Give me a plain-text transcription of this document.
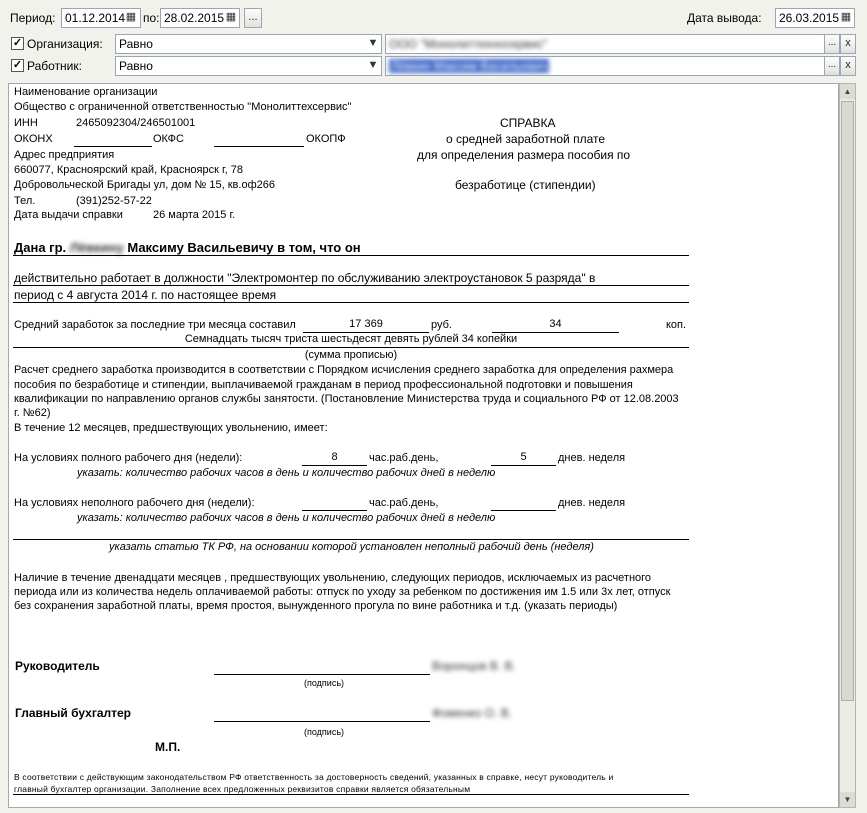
Период: 01.12.2014 ▦ по: 28.02.2015 ▦	...	Дата вывода:	26.03.2015 ▦
✓ Организация:	Равно	▼ ООО "Монолиттехносервис"	... x
✓ Работник:	Равно	▼	Лёвкин Максим Васильевич	... x
Наименование организации
Общество с ограниченной ответственностью "Монолиттехсервис"
ИНН	2465092304/246501001
ОКОНХ	ОКФС	ОКОПФ
Адрес предприятия
660077, Красноярский край, Красноярск г, 78
Добровольческой Бригады ул, дом № 15, кв.оф266
Тел.	(391)252-57-22
Дата выдачи справки	26 марта 2015 г.
СПРАВКА
о средней заработной плате
для определения размера пособия по
безработице (стипендии)
Дана гр. Лёвкину Максиму Васильевичу в том, что он
действительно работает в должности "Электромонтер по обслуживанию электроустановок 5 разряда" в
период с 4 августа 2014 г. по настоящее время
Средний заработок за последние три месяца составил	17 369	руб.	34	коп.
Семнадцать тысяч триста шестьдесят девять рублей 34 копейки
(сумма прописью)
Расчет среднего заработка производится в соответствии с Порядком исчисления среднего заработка для определения рахмера
пособия по безработице и стипендии, выплачиваемой гражданам в период профессиональной подготовки и повышения
квалификации по направлению органов службы занятости. (Постановление Министерства труда и социального РФ от 12.08.2003
г. №62)
В течение 12 месяцев, предшествующих увольнению, имеет:
На условиях полного рабочего дня (недели):	8	час.раб.день,	5	днев. неделя
указать: количество рабочих часов в день и количество рабочих дней в неделю
На условиях неполного рабочего дня (недели):	час.раб.день,	днев. неделя
указать: количество рабочих часов в день и количество рабочих дней в неделю
указать статью ТК РФ, на основании которой установлен неполный рабочий день (неделя)
Наличие в течение двенадцати месяцев , предшествующих увольнению, следующих периодов, исключаемых из расчетного
периода или из количества недель оплачиваемой работы: отпуск по уходу за ребенком по достижения им 1.5 или 3х лет, отпуск
без сохранения заработной платы, время простоя, вынужденного прогула по вине работника и т.д. (указать периоды)
Руководитель	Воронцов В. В.
(подпись)
Главный бухгалтер	Фоменко О. В.
(подпись)
М.П.
В соответствии с действующим законодательством РФ ответственность за достоверность сведений, указанных в справке, несут руководитель и
главный бухгалтер организации. Заполнение всех предложенных реквизитов справки является обязательным
▲
▼
